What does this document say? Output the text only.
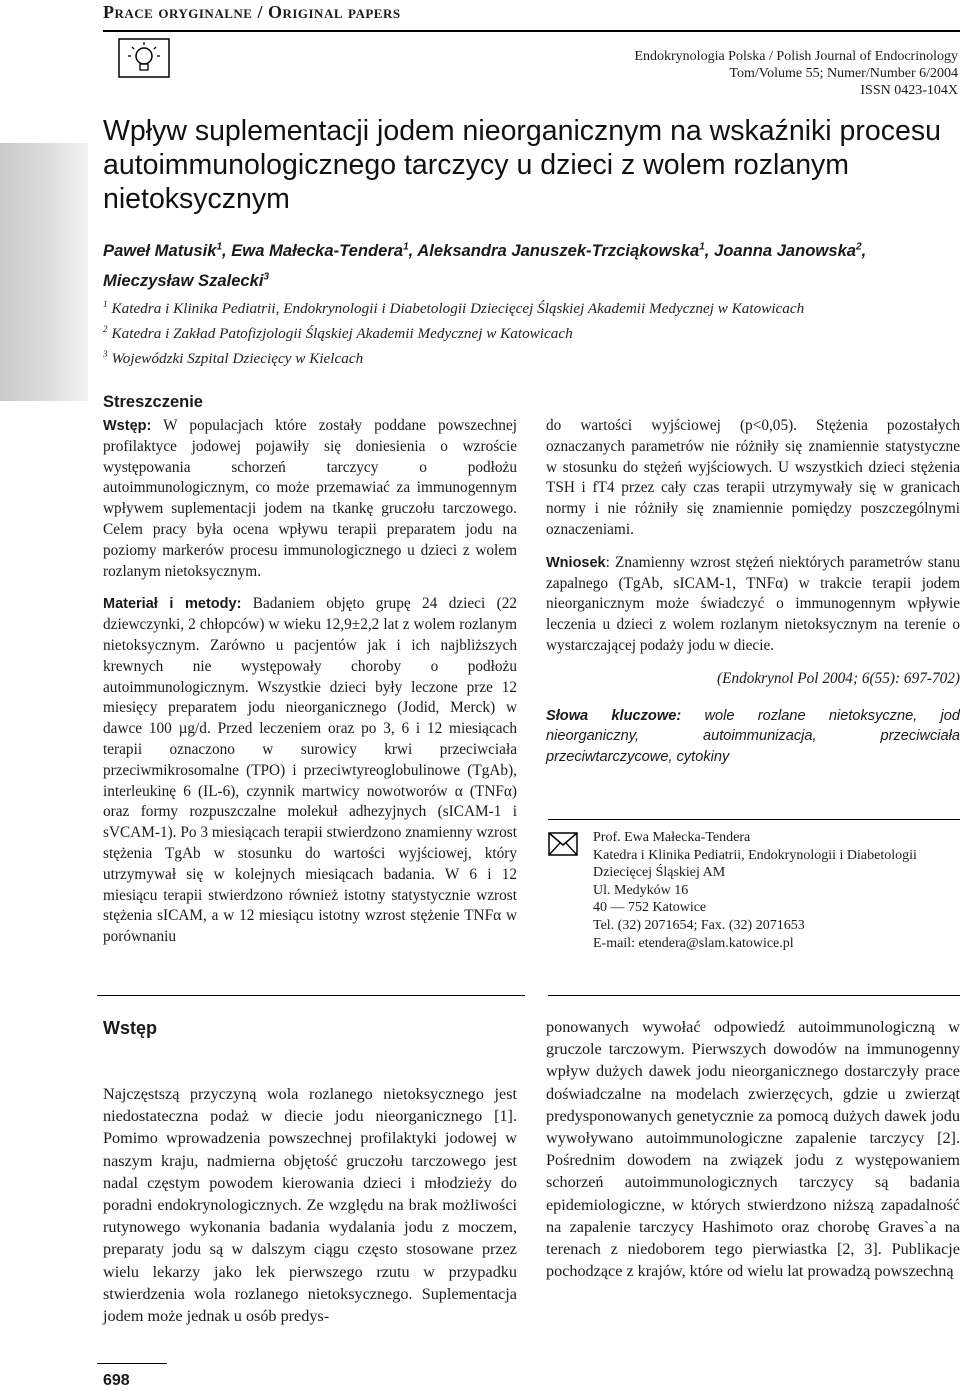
Prace oryginalne / Original papers
Endokrynologia Polska / Polish Journal of Endocrinology
Tom/Volume 55; Numer/Number 6/2004
ISSN 0423-104X
Wpływ suplementacji jodem nieorganicznym na wskaźniki procesu autoimmunologicznego tarczycy u dzieci z wolem rozlanym nietoksycznym
Paweł Matusik$^1$, Ewa Małecka-Tendera$^1$, Aleksandra Januszek-Trzciąkowska$^1$, Joanna Janowska$^2$,
Mieczysław Szalecki$^3$
$^1$ Katedra i Klinika Pediatrii, Endokrynologii i Diabetologii Dziecięcej Śląskiej Akademii Medycznej w Katowicach
$^2$ Katedra i Zakład Patofizjologii Śląskiej Akademii Medycznej w Katowicach
$^3$ Wojewódzki Szpital Dziecięcy w Kielcach
Streszczenie

Wstęp: W populacjach które zostały poddane powszechnej profilaktyce jodowej pojawiły się doniesienia o wzroście występowania schorzeń tarczycy o podłożu autoimmunologicznym, co może przemawiać za immunogennym wpływem suplementacji jodem na tkankę gruczołu tarczowego. Celem pracy była ocena wpływu terapii preparatem jodu na poziomy markerów procesu immunologicznego u dzieci z wolem rozlanym nietoksycznym.

Materiał i metody: Badaniem objęto grupę 24 dzieci (22 dziewczynki, 2 chłopców) w wieku 12,9±2,2 lat z wolem rozlanym nietoksycznym. Zarówno u pacjentów jak i ich najbliższych krewnych nie występowały choroby o podłożu autoimmunologicznym. Wszystkie dzieci były leczone prze 12 miesięcy preparatem jodu nieorganicznego (Jodid, Merck) w dawce 100 µg/d. Przed leczeniem oraz po 3, 6 i 12 miesiącach terapii oznaczono w surowicy krwi przeciwciała przeciwmikrosomalne (TPO) i przeciwtyreoglobulinowe (TgAb), interleukinę 6 (IL-6), czynnik martwicy nowotworów α (TNFα) oraz formy rozpuszczalne molekuł adhezyjnych (sICAM-1 i sVCAM-1). Po 3 miesiącach terapii stwierdzono znamienny wzrost stężenia TgAb w stosunku do wartości wyjściowej, który utrzymywał się w kolejnych miesiącach badania. W 6 i 12 miesiącu terapii stwierdzono również istotny statystycznie wzrost stężenia sICAM, a w 12 miesiącu istotny wzrost stężenie TNFα w porównaniu

do wartości wyjściowej (p<0,05). Stężenia pozostałych oznaczanych parametrów nie różniły się znamiennie statystyczne w stosunku do stężeń wyjściowych. U wszystkich dzieci stężenia TSH i fT4 przez cały czas terapii utrzymywały się w granicach normy i nie różniły się znamiennie pomiędzy poszczególnymi oznaczeniami.

Wniosek: Znamienny wzrost stężeń niektórych parametrów stanu zapalnego (TgAb, sICAM-1, TNFα) w trakcie terapii jodem nieorganicznym może świadczyć o immunogennym wpływie leczenia u dzieci z wolem rozlanym nietoksycznym na terenie o wystarczającej podaży jodu w diecie.

(Endokrynol Pol 2004; 6(55): 697-702)

Słowa kluczowe: wole rozlane nietoksyczne, jod nieorganiczny, autoimmunizacja, przeciwciała przeciwtarczycowe, cytokiny

Prof. Ewa Małecka-Tendera
Katedra i Klinika Pediatrii, Endokrynologii i Diabetologii Dziecięcej Śląskiej AM
Ul. Medyków 16
40 — 752 Katowice
Tel. (32) 2071654; Fax. (32) 2071653
E-mail: etendera@slam.katowice.pl
Wstęp
Najczęstszą przyczyną wola rozlanego nietoksycznego jest niedostateczna podaż w diecie jodu nieorganicznego [1]. Pomimo wprowadzenia powszechnej profilaktyki jodowej w naszym kraju, nadmierna objętość gruczołu tarczowego jest nadal częstym powodem kierowania dzieci i młodzieży do poradni endokrynologicznych. Ze względu na brak możliwości rutynowego wykonania badania wydalania jodu z moczem, preparaty jodu są w dalszym ciągu często stosowane przez wielu lekarzy jako lek pierwszego rzutu w przypadku stwierdzenia wola rozlanego nietoksycznego. Suplementacja jodem może jednak u osób predys-
ponowanych wywołać odpowiedź autoimmunologiczną w gruczole tarczowym. Pierwszych dowodów na immunogenny wpływ dużych dawek jodu nieorganicznego dostarczyły prace doświadczalne na modelach zwierzęcych, gdzie u zwierząt predysponowanych genetycznie za pomocą dużych dawek jodu wywoływano autoimmunologiczne zapalenie tarczycy [2]. Pośrednim dowodem na związek jodu z występowaniem schorzeń autoimmunologicznych tarczycy są badania epidemiologiczne, w których stwierdzono niższą zapadalność na zapalenie tarczycy Hashimoto oraz chorobę Graves`a na terenach z niedoborem tego pierwiastka [2, 3]. Publikacje pochodzące z krajów, które od wielu lat prowadzą powszechną
698
